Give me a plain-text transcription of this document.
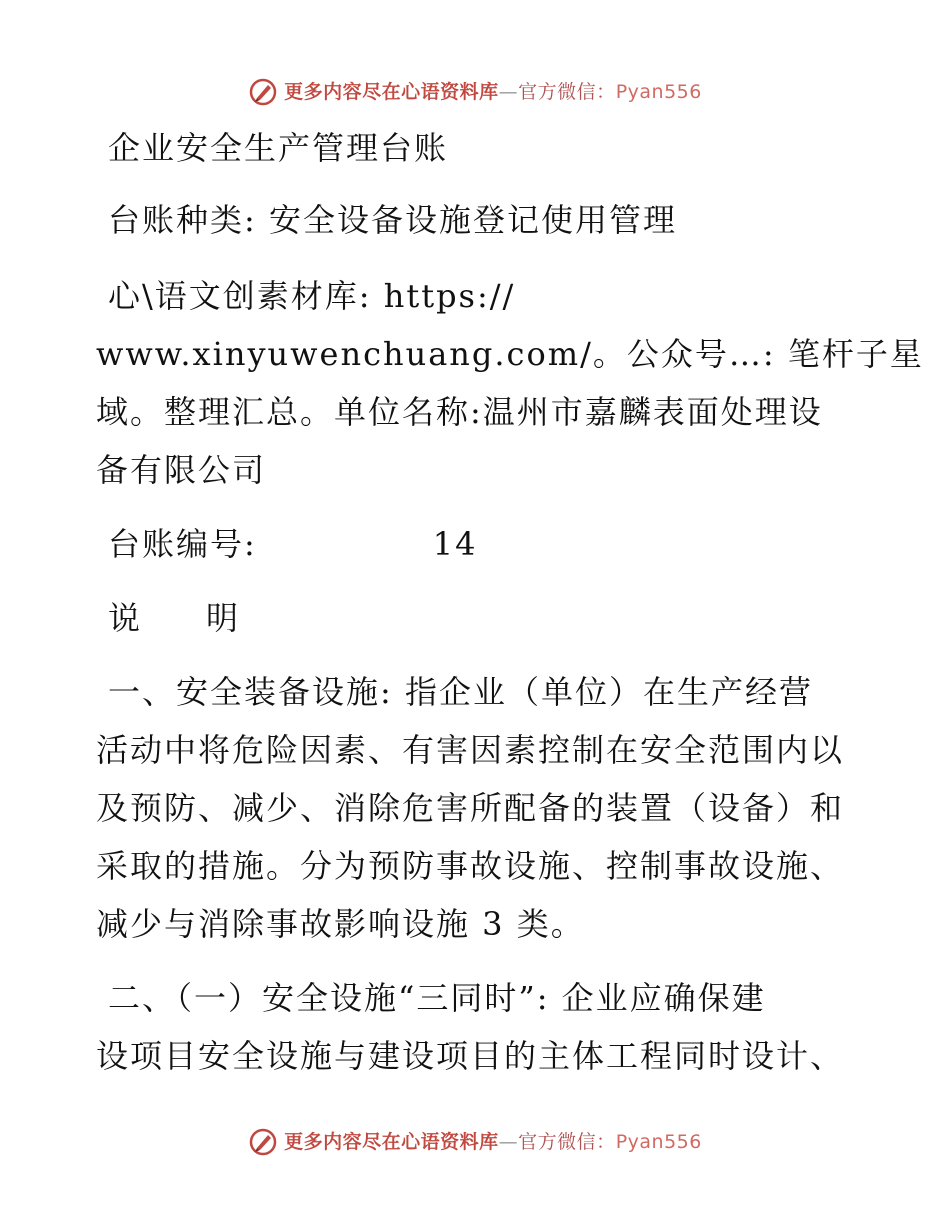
更多内容尽在心语资料库—官方微信：Pyan556
企业安全生产管理台账
台账种类: 安全设备设施登记使用管理
心\语文创素材库: https://
www.xinyuwenchuang.com/。公众号…: 笔杆子星
域。整理汇总。单位名称:温州市嘉麟表面处理设
备有限公司
台账编号:	14
说 明
一、安全装备设施: 指企业（单位）在生产经营
活动中将危险因素、有害因素控制在安全范围内以
及预防、减少、消除危害所配备的装置（设备）和
采取的措施。分为预防事故设施、控制事故设施、
减少与消除事故影响设施 3 类。
二、（一）安全设施“三同时”: 企业应确保建
设项目安全设施与建设项目的主体工程同时设计、
更多内容尽在心语资料库—官方微信：Pyan556
